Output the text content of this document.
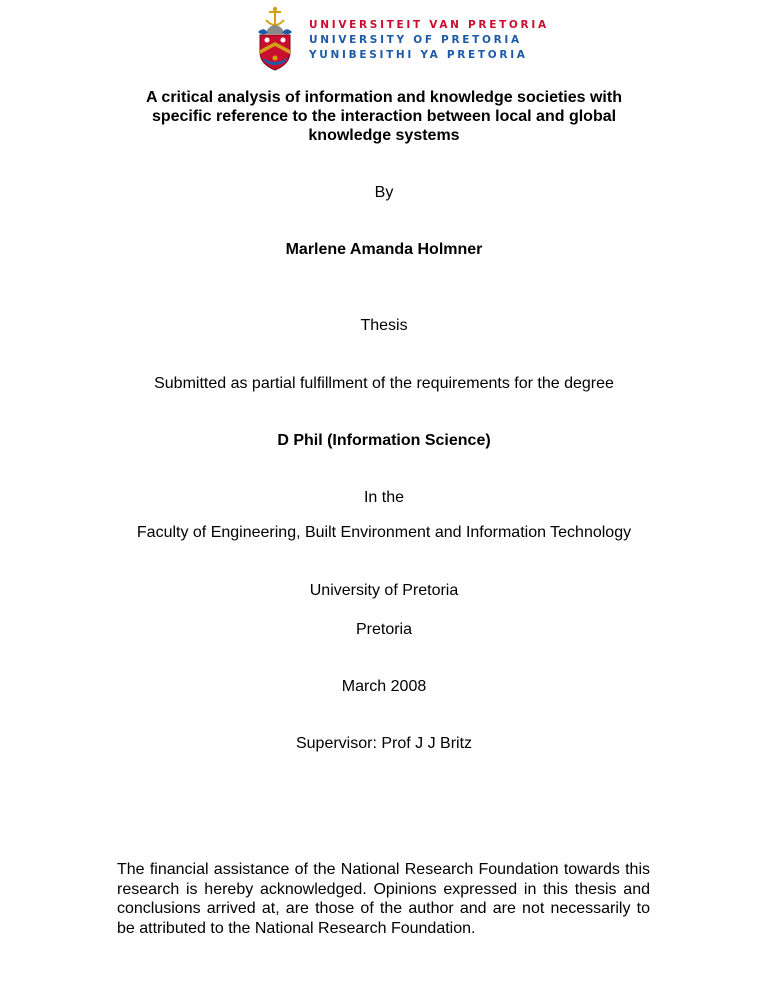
UNIVERSITEIT VAN PRETORIA
UNIVERSITY OF PRETORIA
YUNIBESITHI YA PRETORIA
A critical analysis of information and knowledge societies with specific reference to the interaction between local and global knowledge systems
By
Marlene Amanda Holmner
Thesis
Submitted as partial fulfillment of the requirements for the degree
D Phil (Information Science)
In the
Faculty of Engineering, Built Environment and Information Technology
University of Pretoria
Pretoria
March 2008
Supervisor: Prof J J Britz
The financial assistance of the National Research Foundation towards this research is hereby acknowledged. Opinions expressed in this thesis and conclusions arrived at, are those of the author and are not necessarily to be attributed to the National Research Foundation.
